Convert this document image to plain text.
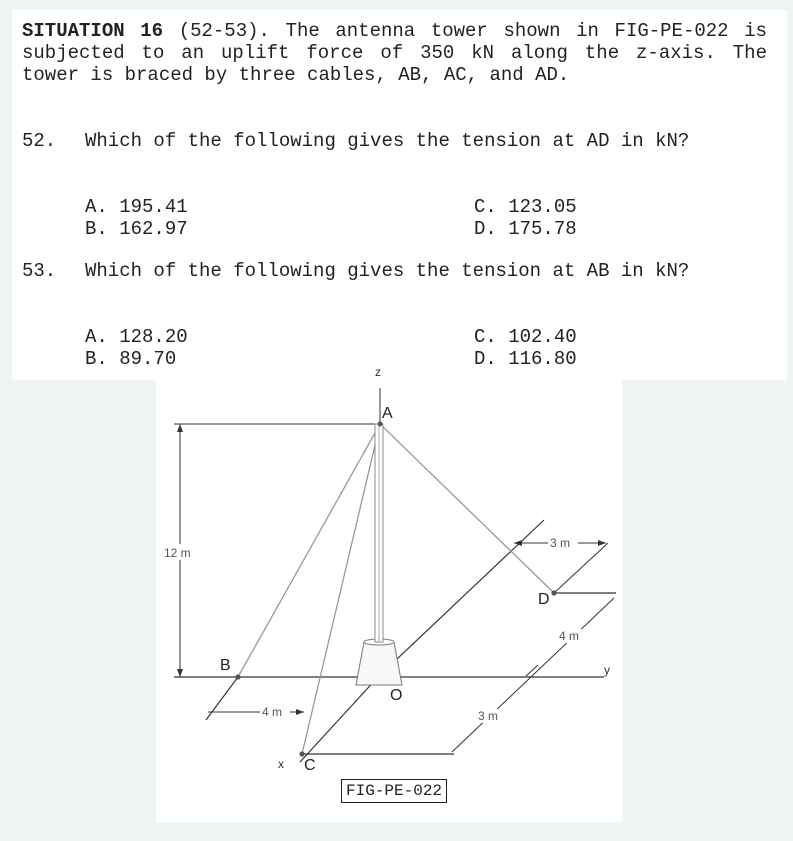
SITUATION 16 (52-53). The antenna tower shown in FIG-PE-022 is subjected to an uplift force of 350 kN along the z-axis. The tower is braced by three cables, AB, AC, and AD.
52. Which of the following gives the tension at AD in kN?
A. 195.41
B. 162.97
C. 123.05
D. 175.78
53. Which of the following gives the tension at AB in kN?
A. 128.20
B. 89.70
C. 102.40
D. 116.80
12 m
4 m
3 m
4 m
3 m
z
A
B
C
D
O
y
x
FIG-PE-022
